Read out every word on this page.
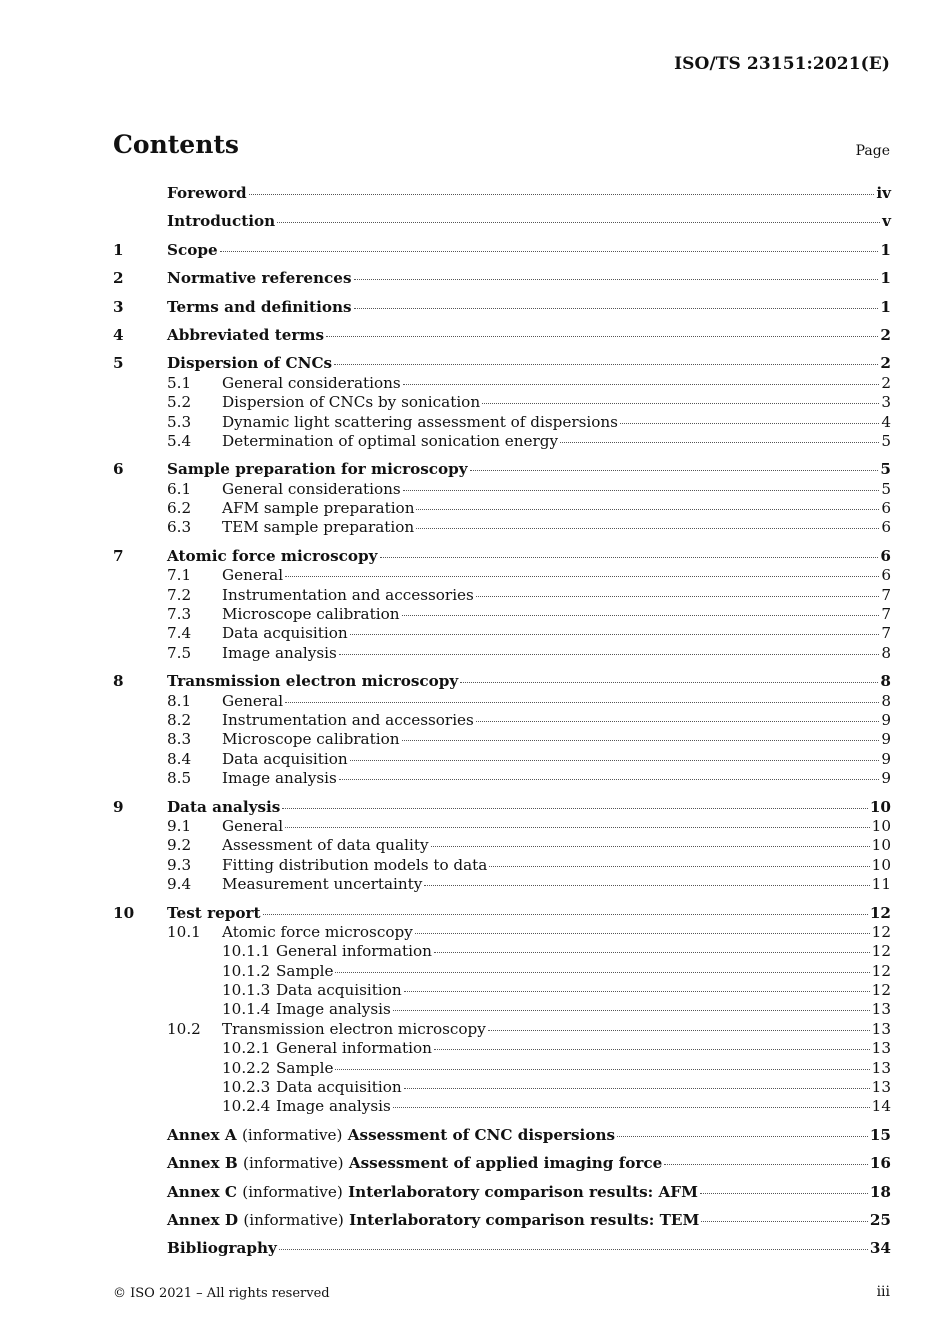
ISO/TS 23151:2021(E)
Contents	Page
Foreword	iv
Introduction	v
1	Scope	1
2	Normative references	1
3	Terms and definitions	1
4	Abbreviated terms	2
5	Dispersion of CNCs	2
5.1	General considerations	2
5.2	Dispersion of CNCs by sonication	3
5.3	Dynamic light scattering assessment of dispersions	4
5.4	Determination of optimal sonication energy	5
6	Sample preparation for microscopy	5
6.1	General considerations	5
6.2	AFM sample preparation	6
6.3	TEM sample preparation	6
7	Atomic force microscopy	6
7.1	General	6
7.2	Instrumentation and accessories	7
7.3	Microscope calibration	7
7.4	Data acquisition	7
7.5	Image analysis	8
8	Transmission electron microscopy	8
8.1	General	8
8.2	Instrumentation and accessories	9
8.3	Microscope calibration	9
8.4	Data acquisition	9
8.5	Image analysis	9
9	Data analysis	10
9.1	General	10
9.2	Assessment of data quality	10
9.3	Fitting distribution models to data	10
9.4	Measurement uncertainty	11
10	Test report	12
10.1	Atomic force microscopy	12
10.1.1 General information	12
10.1.2 Sample	12
10.1.3 Data acquisition	12
10.1.4 Image analysis	13
10.2	Transmission electron microscopy	13
10.2.1 General information	13
10.2.2 Sample	13
10.2.3 Data acquisition	13
10.2.4 Image analysis	14
Annex A (informative) Assessment of CNC dispersions	15
Annex B (informative) Assessment of applied imaging force	16
Annex C (informative) Interlaboratory comparison results: AFM	18
Annex D (informative) Interlaboratory comparison results: TEM	25
Bibliography	34
© ISO 2021 – All rights reserved	iii
